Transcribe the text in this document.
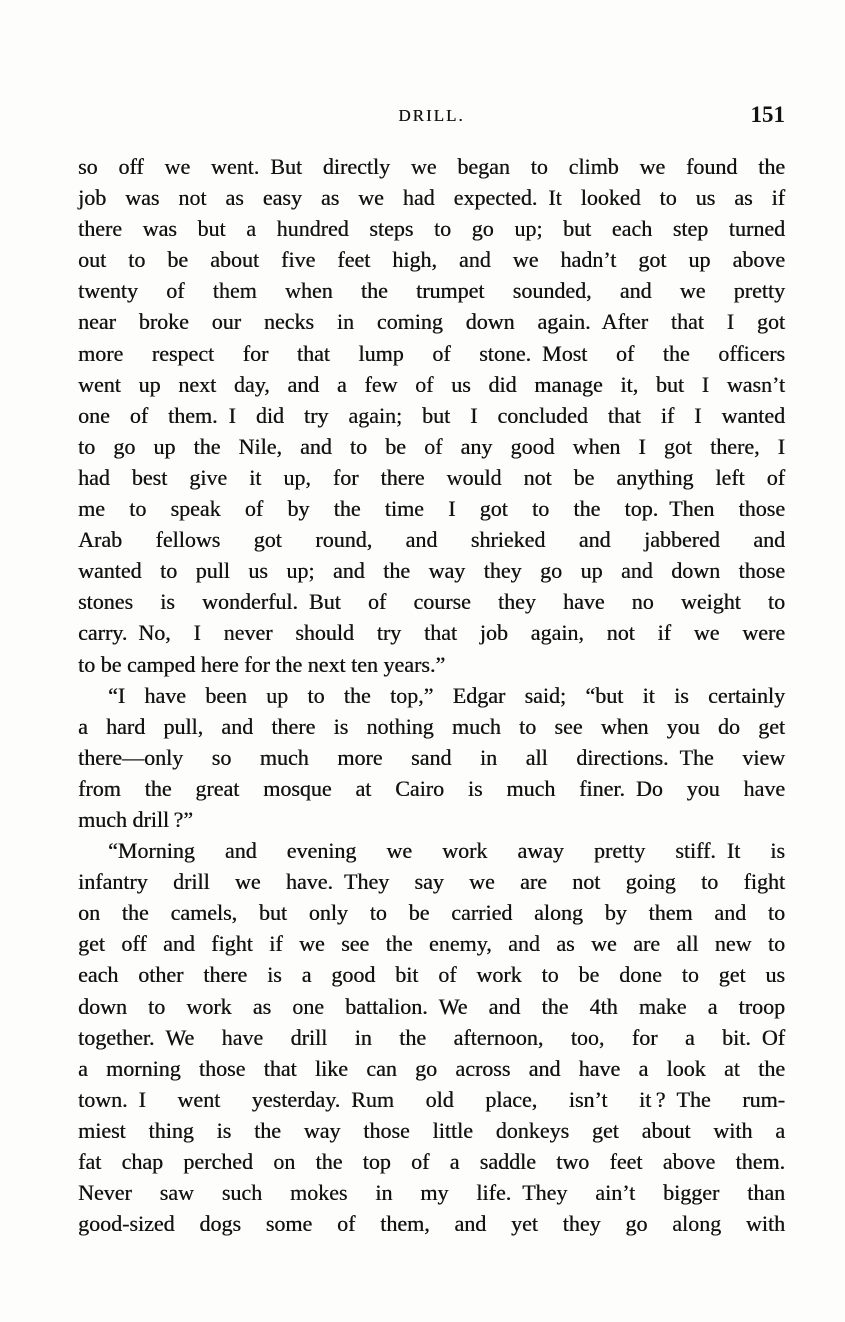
DRILL.	151
so off we went. But directly we began to climb we found the
job was not as easy as we had expected. It looked to us as if
there was but a hundred steps to go up; but each step turned
out to be about five feet high, and we hadn’t got up above
twenty of them when the trumpet sounded, and we pretty
near broke our necks in coming down again. After that I got
more respect for that lump of stone. Most of the officers
went up next day, and a few of us did manage it, but I wasn’t
one of them. I did try again; but I concluded that if I wanted
to go up the Nile, and to be of any good when I got there, I
had best give it up, for there would not be anything left of
me to speak of by the time I got to the top. Then those
Arab fellows got round, and shrieked and jabbered and
wanted to pull us up; and the way they go up and down those
stones is wonderful. But of course they have no weight to
carry. No, I never should try that job again, not if we were
to be camped here for the next ten years.”
“I have been up to the top,” Edgar said; “but it is certainly
a hard pull, and there is nothing much to see when you do get
there—only so much more sand in all directions. The view
from the great mosque at Cairo is much finer. Do you have
much drill ?”
“Morning and evening we work away pretty stiff. It is
infantry drill we have. They say we are not going to fight
on the camels, but only to be carried along by them and to
get off and fight if we see the enemy, and as we are all new to
each other there is a good bit of work to be done to get us
down to work as one battalion. We and the 4th make a troop
together. We have drill in the afternoon, too, for a bit. Of
a morning those that like can go across and have a look at the
town. I went yesterday. Rum old place, isn’t it ? The rum-
miest thing is the way those little donkeys get about with a
fat chap perched on the top of a saddle two feet above them.
Never saw such mokes in my life. They ain’t bigger than
good-sized dogs some of them, and yet they go along with
